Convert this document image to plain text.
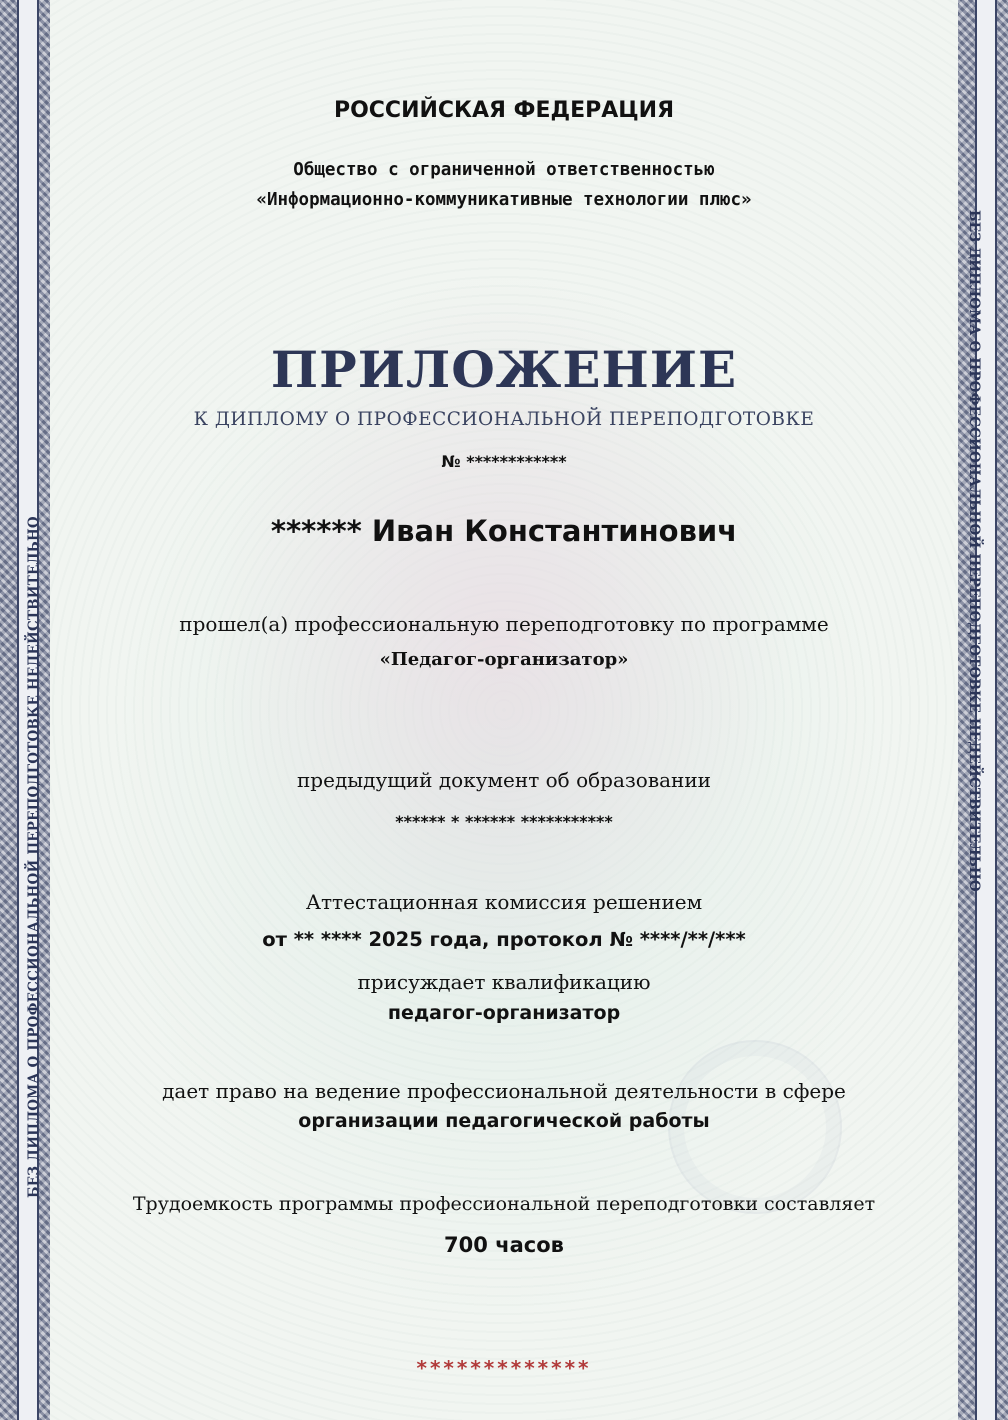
БЕЗ ДИПЛОМА О ПРОФЕССИОНАЛЬНОЙ ПЕРЕПОДГОТОВКЕ НЕДЕЙСТВИТЕЛЬНО	БЕЗ ДИПЛОМА О ПРОФЕССИОНАЛЬНОЙ ПЕРЕПОДГОТОВКЕ НЕДЕЙСТВИТЕЛЬНО
РОССИЙСКАЯ ФЕДЕРАЦИЯ
Общество с ограниченной ответственностью
«Информационно-коммуникативные технологии плюс»
ПРИЛОЖЕНИЕ
К ДИПЛОМУ О ПРОФЕССИОНАЛЬНОЙ ПЕРЕПОДГОТОВКЕ
№ ************
****** Иван Константинович
прошел(а) профессиональную переподготовку по программе
«Педагог-организатор»
предыдущий документ об образовании
****** * ****** ***********
Аттестационная комиссия решением
от ** **** 2025 года, протокол № ****/**/***
присуждает квалификацию
педагог-организатор
дает право на ведение профессиональной деятельности в сфере
организации педагогической работы
Трудоемкость программы профессиональной переподготовки составляет
700 часов
*************
